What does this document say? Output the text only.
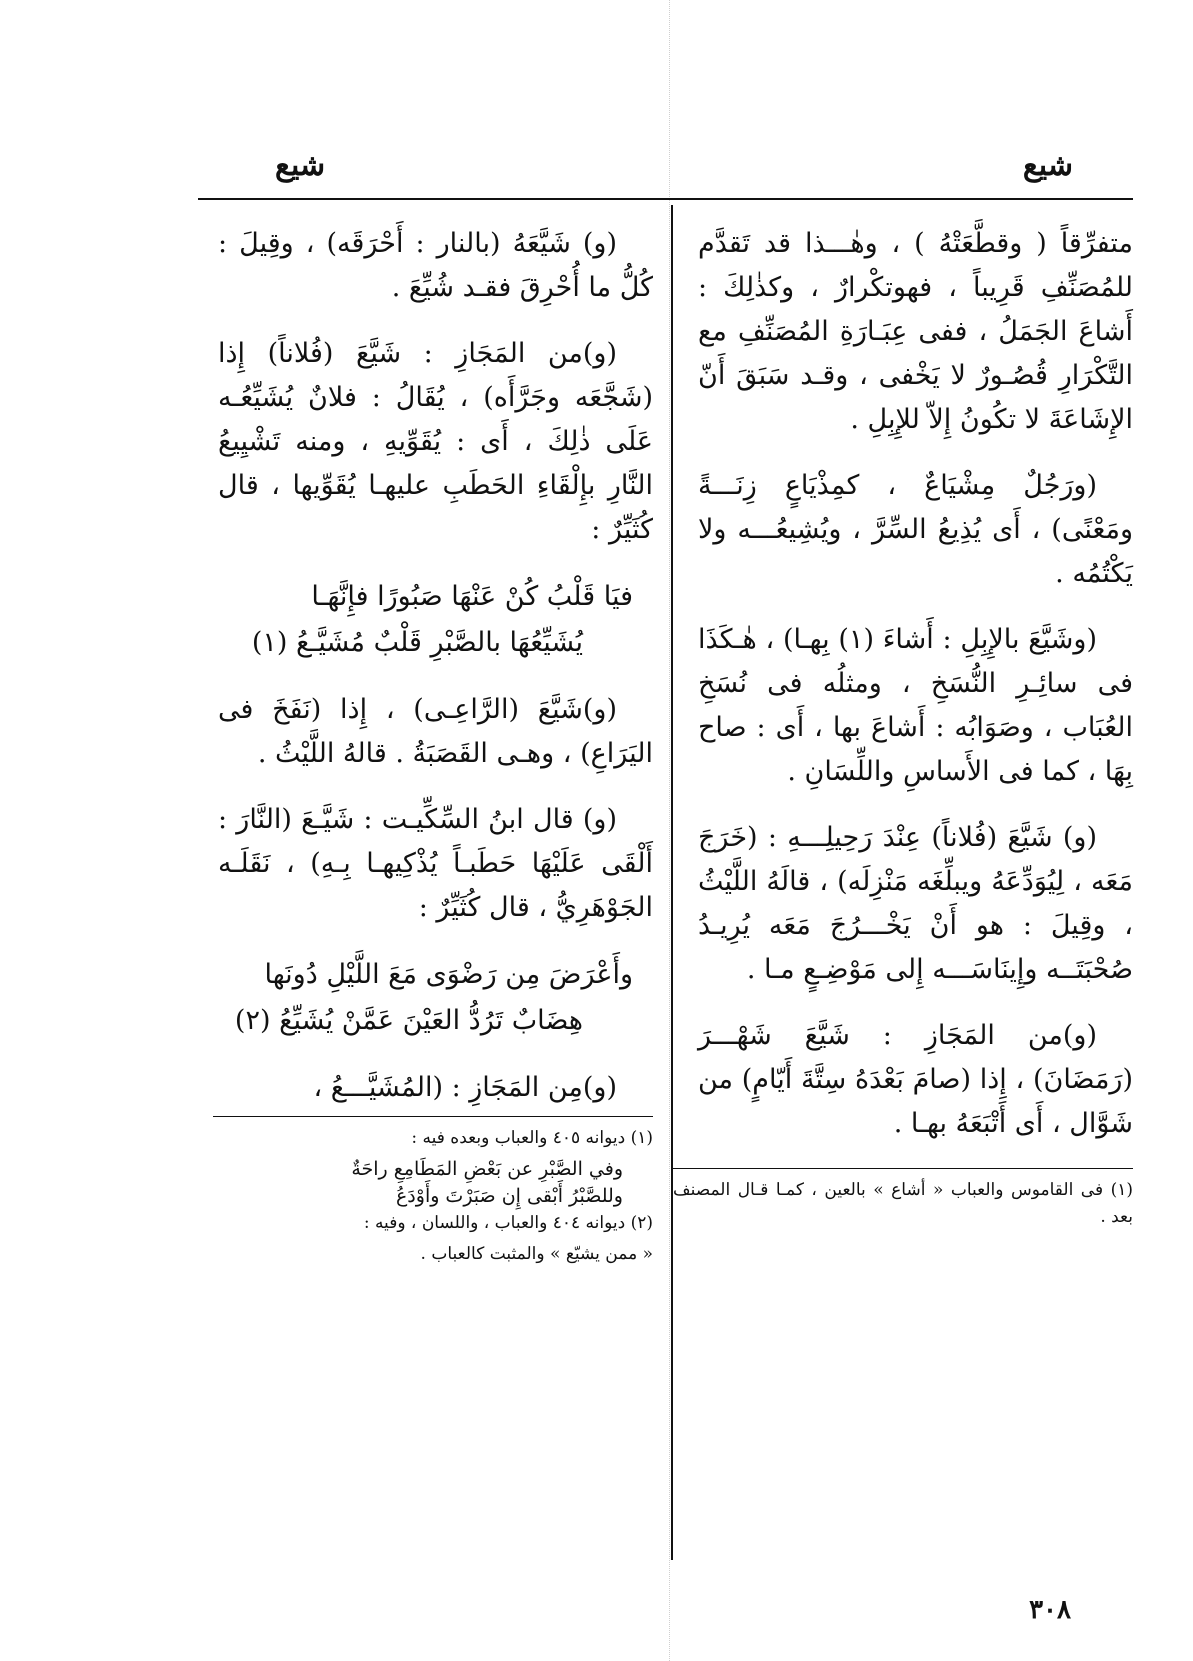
شيع
شيع

متفرِّقاً ( وقطَّعَتْهُ ) ، وهٰـــذا قد تَقدَّم للمُصَنِّفِ قَرِيباً ، فهوتكْرارٌ ، وكذٰلِكَ : أَشاعَ الجَمَلُ ، ففى عِبَـارَةِ المُصَنِّفِ مع التَّكْرَارِ قُصُـورٌ لا يَخْفى ، وقـد سَبَقَ أَنّ الإِشَاعَةَ لا تكُونُ إِلاّ للإِبِلِ .

(ورَجُلٌ مِشْيَاعٌ ، كمِذْيَاعٍ زِنَـــةً ومَعْنًى) ، أَى يُذِيعُ السِّرَّ ، ويُشِيعُـــه ولا يَكْتُمُه .

(وشَيَّعَ بالإِبِلِ : أَشاءَ (١) بِهـا) ، هٰـكَذَا فى سائِـرِ النُّسَخِ ، ومثلُه فى نُسَخِ العُبَاب ، وصَوَابُه : أَشاعَ بها ، أَى : صاح بِهَا ، كما فى الأَساسِ واللِّسَانِ .

(و) شَيَّعَ (فُلاناً) عِنْدَ رَحِيلِـــهِ : (خَرَجَ مَعَه ، لِيُوَدِّعَهُ ويبلِّغَه مَنْزِلَه) ، قالَهُ اللَّيْثُ ، وقِيلَ : هو أَنْ يَخْـــرُجَ مَعَه يُرِيـدُ صُحْبَتَــه وإِينَاسَـــه إِلى مَوْضِـعٍ مـا .

(و)من المَجَازِ : شَيَّعَ شَهْـــرَ (رَمَضَانَ) ، إِذا (صامَ بَعْدَهُ سِتَّةَ أَيّامٍ) من شَوَّال ، أَى أَتْبَعَهُ بهـا .

(١) فى القاموس والعباب « أشاع » بالعين ، كمـا قـال المصنف بعد .

(و) شَيَّعَهُ (بالنار : أَحْرَقَه) ، وقِيلَ : كُلُّ ما أُحْرِقَ فقـد شُيِّعَ .

(و)من المَجَازِ : شَيَّعَ (فُلاناً) إِذا (شَجَّعَه وجَرَّأَه) ، يُقَالُ : فلانٌ يُشَيِّعُـه عَلَى ذٰلِكَ ، أَى : يُقَوِّيهِ ، ومنه تَشْيِيعُ النَّارِ بإِلْقَاءِ الحَطَبِ عليهـا يُقَوِّيها ، قال كُثَيِّرٌ :

فيَا قَلْبُ كُنْ عَنْهَا صَبُورًا فإِنَّهَـا
يُشَيِّعُهَا بالصَّبْرِ قَلْبٌ مُشَيَّـعُ (١)

(و)شَيَّعَ (الرَّاعِـى) ، إِذا (نَفَخَ فى اليَرَاعِ) ، وهـى القَصَبَةُ . قالهُ اللَّيْثُ .

(و) قال ابنُ السِّكِّيـت : شَيَّـعَ (النَّارَ : أَلْقَى عَلَيْهَا حَطَبـاً يُذْكِيهـا بِـهِ) ، نَقَلَـه الجَوْهَرِيُّ ، قال كُثَيِّرٌ :

وأَعْرَضَ مِن رَضْوَى مَعَ اللَّيْلِ دُونَها
هِضَابٌ تَرُدُّ العَيْنَ عَمَّنْ يُشَيِّعُ (٢)

(و)مِن المَجَازِ : (المُشَيَّـــعُ ،

(١) ديوانه ٤٠٥ والعباب وبعده فيه :

وفي الصَّبْرِ عن بَعْضِ المَطَامِعِ راحَةٌ
وللصَّبْرُ أَبْقى إِن صَبَرْتَ وأَوْدَعُ

(٢) ديوانه ٤٠٤ والعباب ، واللسان ، وفيه :

« ممن يشيّع » والمثبت كالعباب .

٣٠٨
